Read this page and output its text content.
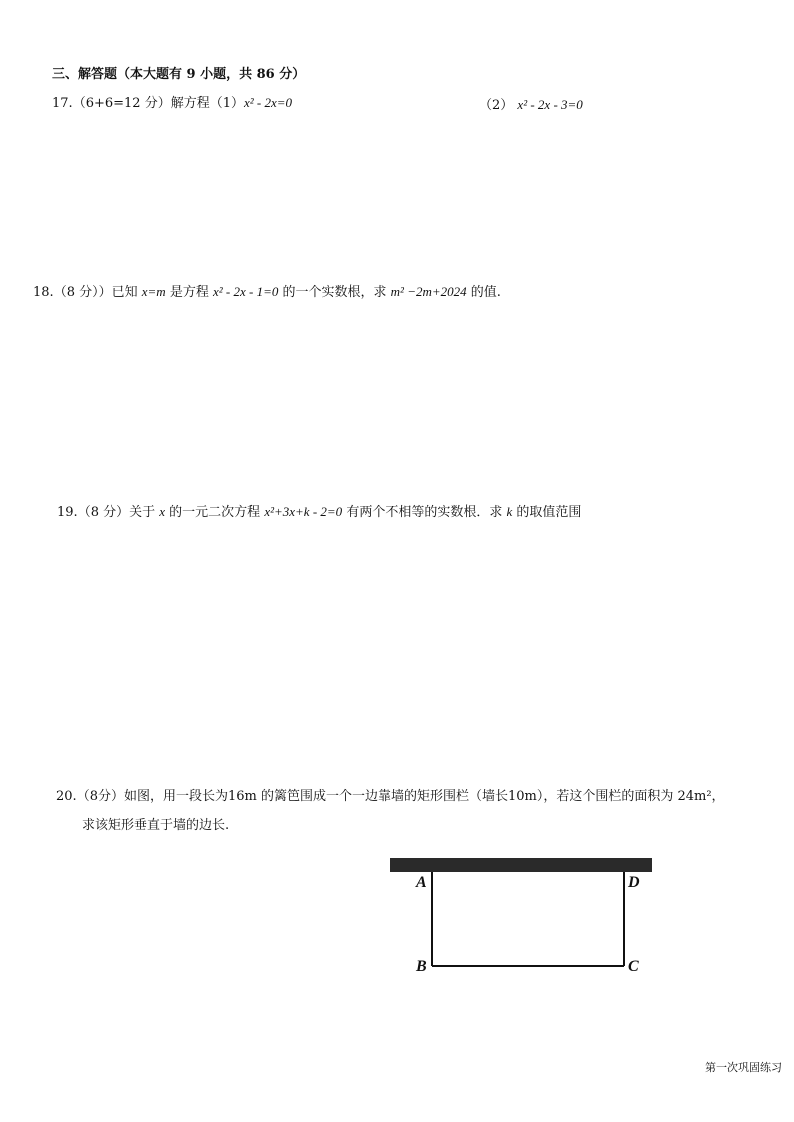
三、解答题（本大题有 9 小题，共 86 分）
17.（6+6=12 分）解方程（1）x² - 2x=0	（2） x² - 2x - 3=0
18.（8 分））已知 x=m 是方程 x² - 2x - 1=0 的一个实数根，求 m² −2m+2024 的值.
19.（8 分）关于 x 的一元二次方程 x²+3x+k - 2=0 有两个不相等的实数根．求 k 的取值范围
20.（8分）如图，用一段长为16m 的篱笆围成一个一边靠墙的矩形围栏（墙长10m），若这个围栏的面积为 24m²，
求该矩形垂直于墙的边长.
A	D
B	C
第一次巩固练习
